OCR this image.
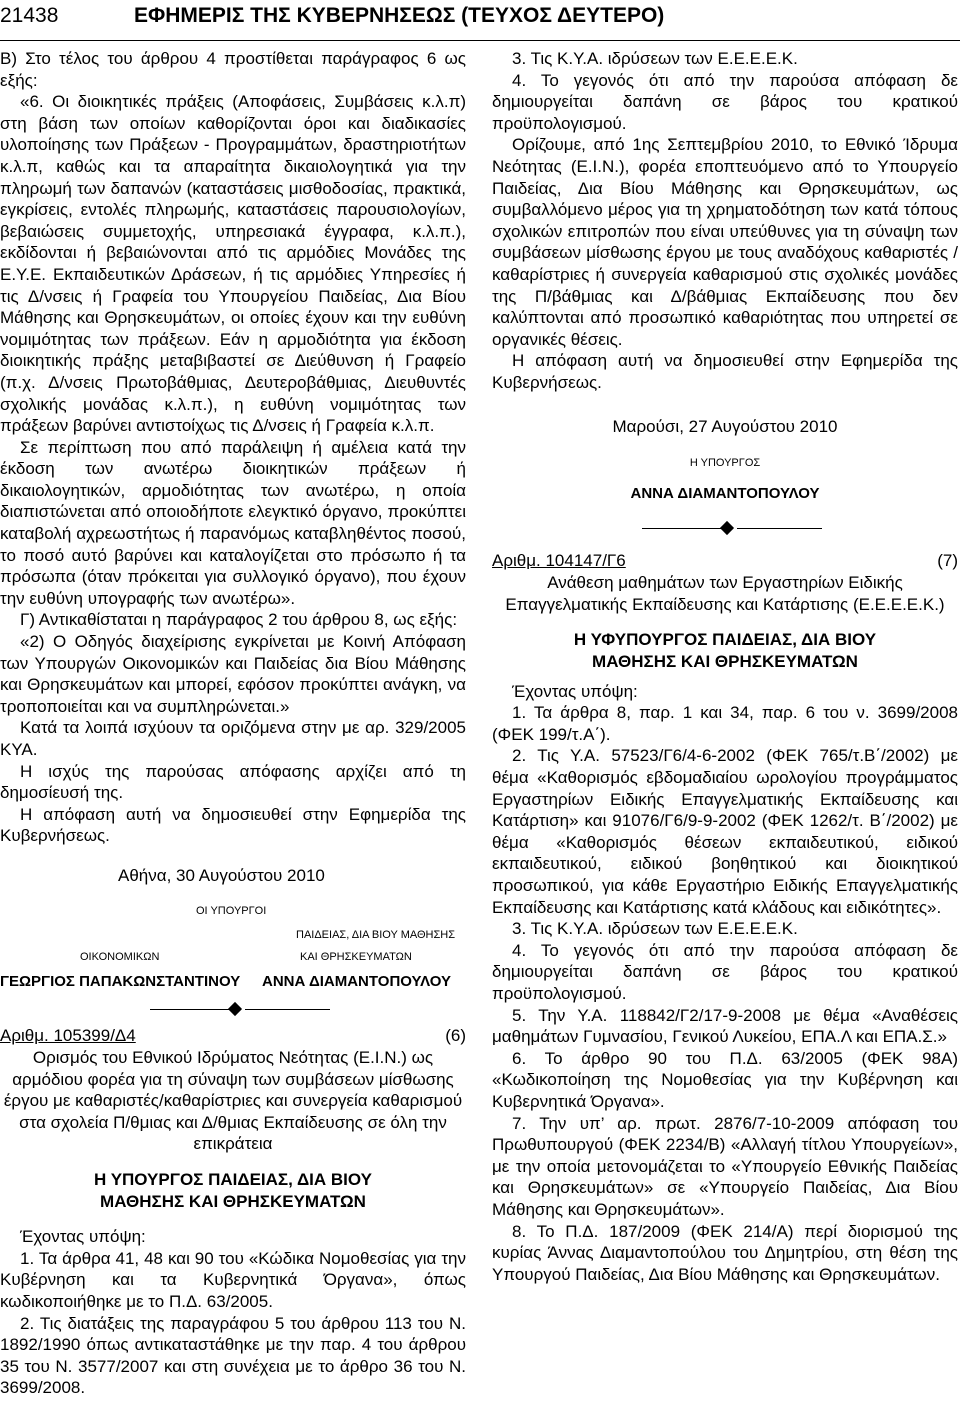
21438	ΕΦΗΜΕΡΙΣ ΤΗΣ ΚΥΒΕΡΝΗΣΕΩΣ (ΤΕΥΧΟΣ ΔΕΥΤΕΡΟ)

Β) Στο τέλος του άρθρου 4 προστίθεται παράγραφος 6 ως εξής:

«6. Οι διοικητικές πράξεις (Αποφάσεις, Συμβάσεις κ.λ.π) στη βάση των οποίων καθορίζονται όροι και διαδικασίες υλοποίησης των Πράξεων - Προγραμμάτων, δραστηριοτήτων κ.λ.π, καθώς και τα απαραίτητα δικαιολογητικά για την πληρωμή των δαπανών (καταστάσεις μισθοδοσίας, πρακτικά, εγκρίσεις, εντολές πληρωμής, καταστάσεις παρουσιολογίων, βεβαιώσεις συμμετοχής, υπηρεσιακά έγγραφα, κ.λ.π.), εκδίδονται ή βεβαιώνονται από τις αρμόδιες Μονάδες της Ε.Υ.Ε. Εκπαιδευτικών Δράσεων, ή τις αρμόδιες Υπηρεσίες ή τις Δ/νσεις ή Γραφεία του Υπουργείου Παιδείας, Δια Βίου Μάθησης και Θρησκευμάτων, οι οποίες έχουν και την ευθύνη νομιμότητας των πράξεων. Εάν η αρμοδιότητα για έκδοση διοικητικής πράξης μεταβιβαστεί σε Διεύθυνση ή Γραφείο (π.χ. Δ/νσεις Πρωτοβάθμιας, Δευτεροβάθμιας, Διευθυντές σχολικής μονάδας κ.λ.π.), η ευθύνη νομιμότητας των πράξεων βαρύνει αντιστοίχως τις Δ/νσεις ή Γραφεία κ.λ.π.

Σε περίπτωση που από παράλειψη ή αμέλεια κατά την έκδοση των ανωτέρω διοικητικών πράξεων ή δικαιολογητικών, αρμοδιότητας των ανωτέρω, η οποία διαπιστώνεται από οποιοδήποτε ελεγκτικό όργανο, προκύπτει καταβολή αχρεωστήτως ή παρανόμως καταβληθέντος ποσού, το ποσό αυτό βαρύνει και καταλογίζεται στο πρόσωπο ή τα πρόσωπα (όταν πρόκειται για συλλογικό όργανο), που έχουν την ευθύνη υπογραφής των ανωτέρω».

Γ) Αντικαθίσταται η παράγραφος 2 του άρθρου 8, ως εξής:

«2) Ο Οδηγός διαχείρισης εγκρίνεται με Κοινή Απόφαση των Υπουργών Οικονομικών και Παιδείας δια Βίου Μάθησης και Θρησκευμάτων και μπορεί, εφόσον προκύπτει ανάγκη, να τροποποιείται και να συμπληρώνεται.»

Κατά τα λοιπά ισχύουν τα οριζόμενα στην με αρ. 329/2005 ΚΥΑ.

Η ισχύς της παρούσας απόφασης αρχίζει από τη δημοσίευσή της.

Η απόφαση αυτή να δημοσιευθεί στην Εφημερίδα της Κυβερνήσεως.

Αθήνα, 30 Αυγούστου 2010
ΟΙ ΥΠΟΥΡΓΟΙ
ΠΑΙΔΕΙΑΣ, ΔΙΑ ΒΙΟΥ ΜΑΘΗΣΗΣ
ΟΙΚΟΝΟΜΙΚΩΝ	ΚΑΙ ΘΡΗΣΚΕΥΜΑΤΩΝ
ΓΕΩΡΓΙΟΣ ΠΑΠΑΚΩΝΣΤΑΝΤΙΝΟΥ ΑΝΝΑ ΔΙΑΜΑΝΤΟΠΟΥΛΟΥ
Αριθμ. 105399/Δ4	(6)

Ορισμός του Εθνικού Ιδρύματος Νεότητας (Ε.Ι.Ν.) ως αρμόδιου φορέα για τη σύναψη των συμβάσεων μίσθωσης έργου με καθαριστές/καθαρίστριες και συνεργεία καθαρισμού στα σχολεία Π/θμιας και Δ/θμιας Εκπαίδευσης σε όλη την επικράτεια

Η ΥΠΟΥΡΓΟΣ ΠΑΙΔΕΙΑΣ, ΔΙΑ ΒΙΟΥ ΜΑΘΗΣΗΣ ΚΑΙ ΘΡΗΣΚΕΥΜΑΤΩΝ

Έχοντας υπόψη:

1. Τα άρθρα 41, 48 και 90 του «Κώδικα Νομοθεσίας για την Κυβέρνηση και τα Κυβερνητικά Όργανα», όπως κωδικοποιήθηκε με το Π.Δ. 63/2005.

2. Τις διατάξεις της παραγράφου 5 του άρθρου 113 του Ν. 1892/1990 όπως αντικαταστάθηκε με την παρ. 4 του άρθρου 35 του Ν. 3577/2007 και στη συνέχεια με το άρθρο 36 του Ν. 3699/2008.

3. Τις Κ.Υ.Α. ιδρύσεων των Ε.Ε.Ε.Ε.Κ.

4. Το γεγονός ότι από την παρούσα απόφαση δε δημιουργείται δαπάνη σε βάρος του κρατικού προϋπολογισμού.

Ορίζουμε, από 1ης Σεπτεμβρίου 2010, το Εθνικό Ίδρυμα Νεότητας (Ε.Ι.Ν.), φορέα εποπτευόμενο από το Υπουργείο Παιδείας, Δια Βίου Μάθησης και Θρησκευμάτων, ως συμβαλλόμενο μέρος για τη χρηματοδότηση των κατά τόπους σχολικών επιτροπών που είναι υπεύθυνες για τη σύναψη των συμβάσεων μίσθωσης έργου με τους αναδόχους καθαριστές / καθαρίστριες ή συνεργεία καθαρισμού στις σχολικές μονάδες της Π/βάθμιας και Δ/βάθμιας Εκπαίδευσης που δεν καλύπτονται από προσωπικό καθαριότητας που υπηρετεί σε οργανικές θέσεις.

Η απόφαση αυτή να δημοσιευθεί στην Εφημερίδα της Κυβερνήσεως.

Μαρούσι, 27 Αυγούστου 2010

Η ΥΠΟΥΡΓΟΣ

ΑΝΝΑ ΔΙΑΜΑΝΤΟΠΟΥΛΟΥ

Αριθμ. 104147/Γ6	(7)

Ανάθεση μαθημάτων των Εργαστηρίων Ειδικής Επαγγελματικής Εκπαίδευσης και Κατάρτισης (Ε.Ε.Ε.Ε.Κ.)

Η ΥΦΥΠΟΥΡΓΟΣ ΠΑΙΔΕΙΑΣ, ΔΙΑ ΒΙΟΥ ΜΑΘΗΣΗΣ ΚΑΙ ΘΡΗΣΚΕΥΜΑΤΩΝ

Έχοντας υπόψη:

1. Τα άρθρα 8, παρ. 1 και 34, παρ. 6 του ν. 3699/2008 (ΦΕΚ 199/τ.Α΄).

2. Τις Υ.Α. 57523/Γ6/4-6-2002 (ΦΕΚ 765/τ.Β΄/2002) με θέμα «Καθορισμός εβδομαδιαίου ωρολογίου προγράμματος Εργαστηρίων Ειδικής Επαγγελματικής Εκπαίδευσης και Κατάρτιση» και 91076/Γ6/9-9-2002 (ΦΕΚ 1262/τ. Β΄/2002) με θέμα «Καθορισμός θέσεων εκπαιδευτικού, ειδικού εκπαιδευτικού, ειδικού βοηθητικού και διοικητικού προσωπικού, για κάθε Εργαστήριο Ειδικής Επαγγελματικής Εκπαίδευσης και Κατάρτισης κατά κλάδους και ειδικότητες».

3. Τις Κ.Υ.Α. ιδρύσεων των Ε.Ε.Ε.Ε.Κ.

4. Το γεγονός ότι από την παρούσα απόφαση δε δημιουργείται δαπάνη σε βάρος του κρατικού προϋπολογισμού.

5. Την Υ.Α. 118842/Γ2/17-9-2008 με θέμα «Αναθέσεις μαθημάτων Γυμνασίου, Γενικού Λυκείου, ΕΠΑ.Λ και ΕΠΑ.Σ.»

6. Το άρθρο 90 του Π.Δ. 63/2005 (ΦΕΚ 98Α) «Κωδικοποίηση της Νομοθεσίας για την Κυβέρνηση και Κυβερνητικά Όργανα».

7. Την υπ’ αρ. πρωτ. 2876/7-10-2009 απόφαση του Πρωθυπουργού (ΦΕΚ 2234/Β) «Αλλαγή τίτλου Υπουργείων», με την οποία μετονομάζεται το «Υπουργείο Εθνικής Παιδείας και Θρησκευμάτων» σε «Υπουργείο Παιδείας, Δια Βίου Μάθησης και Θρησκευμάτων».

8. Το Π.Δ. 187/2009 (ΦΕΚ 214/Α) περί διορισμού της κυρίας Άννας Διαμαντοπούλου του Δημητρίου, στη θέση της Υπουργού Παιδείας, Δια Βίου Μάθησης και Θρησκευμάτων.
